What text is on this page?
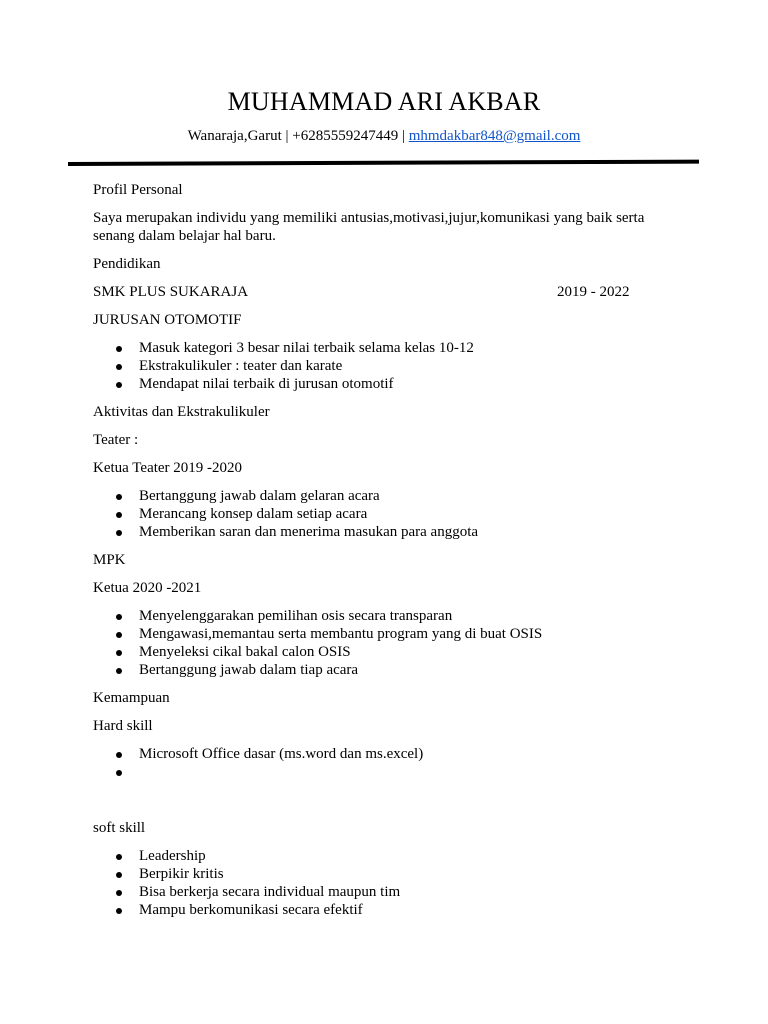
MUHAMMAD ARI AKBAR
Wanaraja,Garut | +6285559247449 | mhmdakbar848@gmail.com

Profil Personal

Saya merupakan individu yang memiliki antusias,motivasi,jujur,komunikasi yang baik serta
senang dalam belajar hal baru.

Pendidikan

SMK PLUS SUKARAJA	2019 - 2022

JURUSAN OTOMOTIF

Masuk kategori 3 besar nilai terbaik selama kelas 10-12
Ekstrakulikuler : teater dan karate
Mendapat nilai terbaik di jurusan otomotif

Aktivitas dan Ekstrakulikuler

Teater :

Ketua Teater 2019 -2020

Bertanggung jawab dalam gelaran acara
Merancang konsep dalam setiap acara
Memberikan saran dan menerima masukan para anggota

MPK

Ketua 2020 -2021

Menyelenggarakan pemilihan osis secara transparan
Mengawasi,memantau serta membantu program yang di buat OSIS
Menyeleksi cikal bakal calon OSIS
Bertanggung jawab dalam tiap acara

Kemampuan

Hard skill

Microsoft Office dasar (ms.word dan ms.excel)

soft skill

Leadership
Berpikir kritis
Bisa berkerja secara individual maupun tim
Mampu berkomunikasi secara efektif
